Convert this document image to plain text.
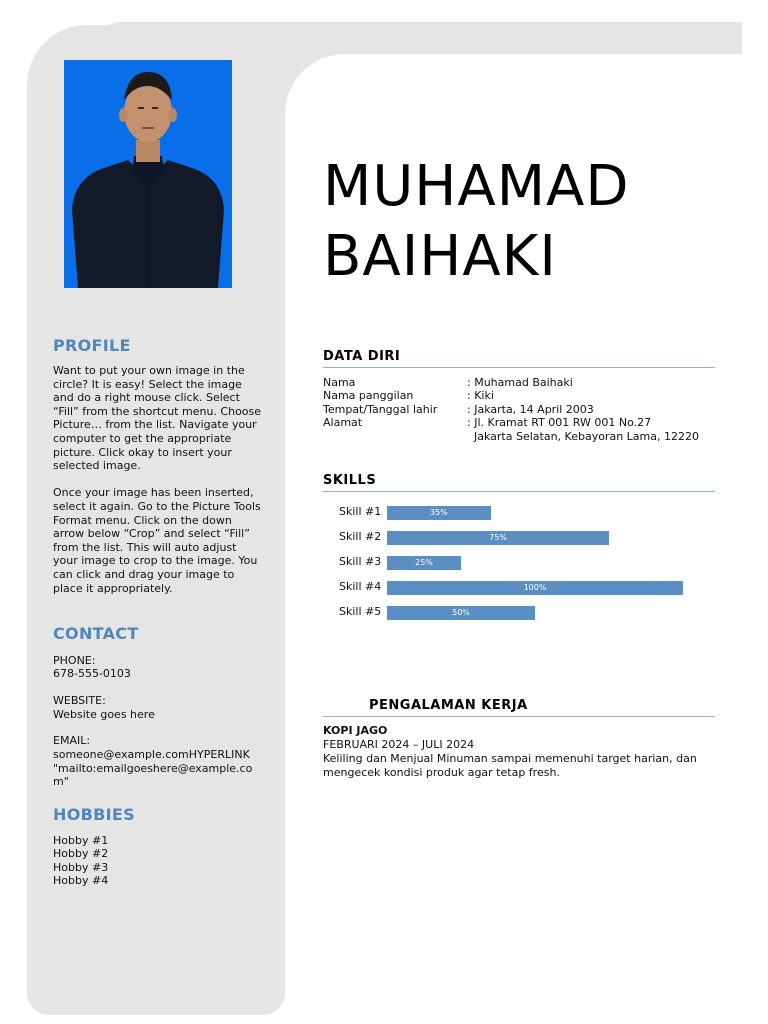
PROFILE

Want to put your own image in the circle? It is easy! Select the image and do a right mouse click. Select “Fill” from the shortcut menu. Choose Picture… from the list. Navigate your computer to get the appropriate picture. Click okay to insert your selected image.

Once your image has been inserted, select it again. Go to the Picture Tools Format menu. Click on the down arrow below “Crop” and select “Fill” from the list. This will auto adjust your image to crop to the image. You can click and drag your image to place it appropriately.

CONTACT
PHONE:
678-555-0103
WEBSITE:
Website goes here
EMAIL:
someone@example.comHYPERLINK "mailto:emailgoeshere@example.com"
HOBBIES
Hobby #1
Hobby #2
Hobby #3
Hobby #4
MUHAMAD
BAIHAKI
DATA DIRI
Nama	: Muhamad Baihaki
Nama panggilan	: Kiki
Tempat/Tanggal lahir	: Jakarta, 14 April 2003
Alamat	: Jl. Kramat RT 001 RW 001 No.27
Jakarta Selatan, Kebayoran Lama, 12220
SKILLS
Skill #1	35%
Skill #2	75%
Skill #3	25%
Skill #4	100%
Skill #5	50%
PENGALAMAN KERJA
KOPI JAGO
FEBRUARI 2024 – JULI 2024
Keliling dan Menjual Minuman sampai memenuhi target harian, dan mengecek kondisi produk agar tetap fresh.
